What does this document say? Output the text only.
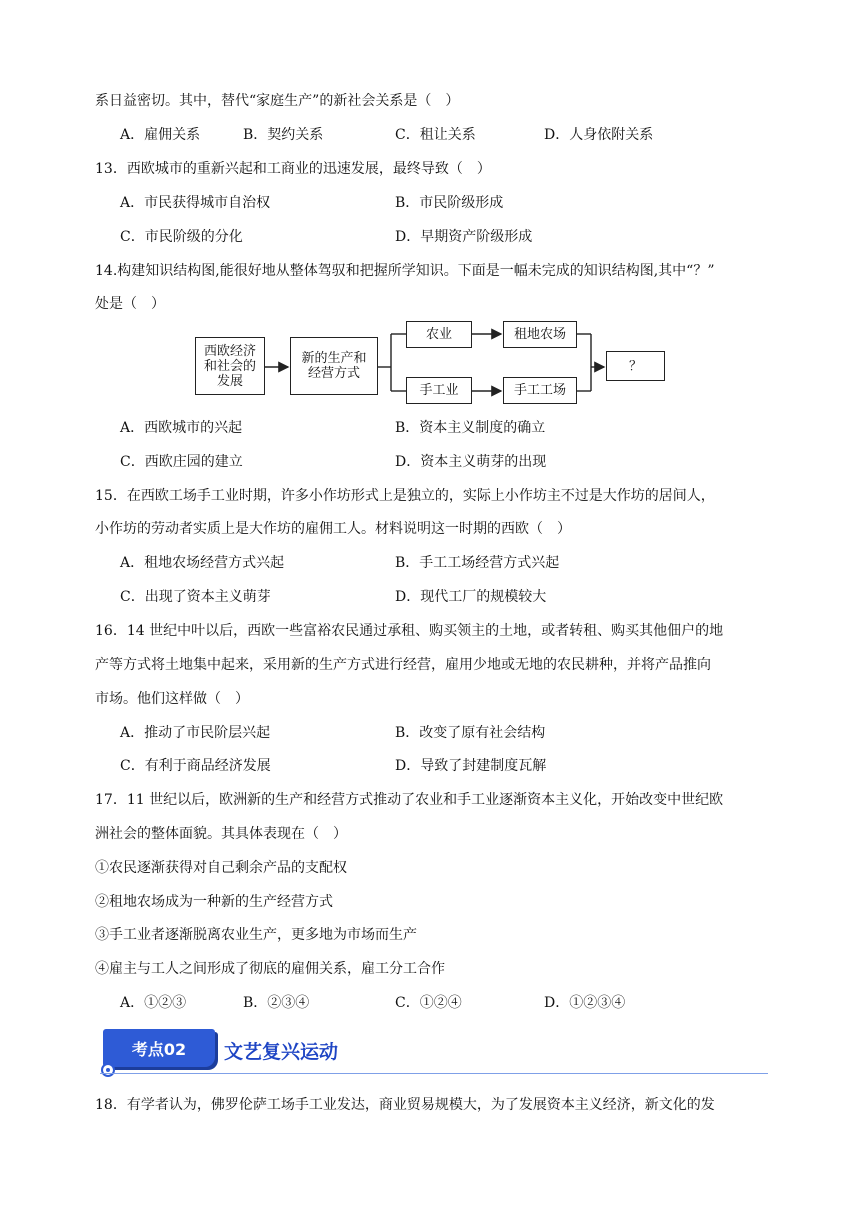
系日益密切。其中，替代“家庭生产”的新社会关系是（　）
A．雇佣关系	B．契约关系	C．租让关系	D．人身依附关系
13．西欧城市的重新兴起和工商业的迅速发展，最终导致（　）
A．市民获得城市自治权	B．市民阶级形成
C．市民阶级的分化	D．早期资产阶级形成
14.构建知识结构图,能很好地从整体驾驭和把握所学知识。下面是一幅未完成的知识结构图,其中“？”
处是（　）
西欧经济
和社会的
发展
新的生产和
经营方式
农业	租地农场
手工业	手工工场
？
A．西欧城市的兴起	B．资本主义制度的确立
C．西欧庄园的建立	D．资本主义萌芽的出现
15．在西欧工场手工业时期，许多小作坊形式上是独立的，实际上小作坊主不过是大作坊的居间人，
小作坊的劳动者实质上是大作坊的雇佣工人。材料说明这一时期的西欧（　）
A．租地农场经营方式兴起	B．手工工场经营方式兴起
C．出现了资本主义萌芽	D．现代工厂的规模较大
16．14 世纪中叶以后，西欧一些富裕农民通过承租、购买领主的土地，或者转租、购买其他佃户的地
产等方式将土地集中起来，采用新的生产方式进行经营，雇用少地或无地的农民耕种，并将产品推向
市场。他们这样做（　）
A．推动了市民阶层兴起	B．改变了原有社会结构
C．有利于商品经济发展	D．导致了封建制度瓦解
17．11 世纪以后，欧洲新的生产和经营方式推动了农业和手工业逐渐资本主义化，开始改变中世纪欧
洲社会的整体面貌。其具体表现在（　）
①农民逐渐获得对自己剩余产品的支配权
②租地农场成为一种新的生产经营方式
③手工业者逐渐脱离农业生产，更多地为市场而生产
④雇主与工人之间形成了彻底的雇佣关系，雇工分工合作
A．①②③	B．②③④	C．①②④	D．①②③④
考点02	文艺复兴运动
18．有学者认为，佛罗伦萨工场手工业发达，商业贸易规模大，为了发展资本主义经济，新文化的发
